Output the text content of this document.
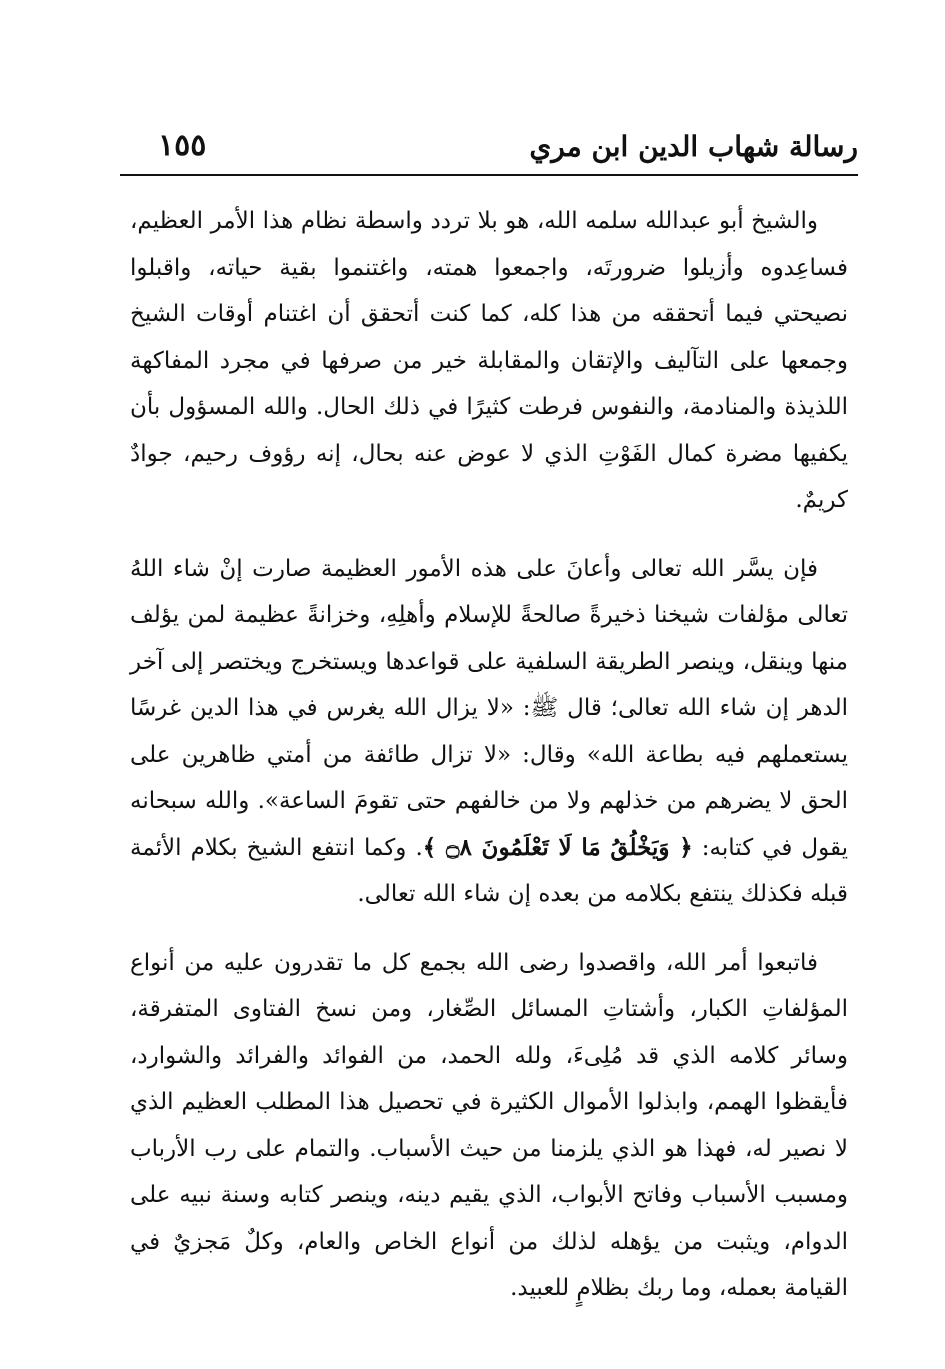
١٥٥	رسالة شهاب الدين ابن مري

والشيخ أبو عبدالله سلمه الله، هو بلا تردد واسطة نظام هذا الأمر العظيم، فساعِدوه وأزيلوا ضرورتَه، واجمعوا همته، واغتنموا بقية حياته، واقبلوا نصيحتي فيما أتحققه من هذا كله، كما كنت أتحقق أن اغتنام أوقات الشيخ وجمعها على التآليف والإتقان والمقابلة خير من صرفها في مجرد المفاكهة اللذيذة والمنادمة، والنفوس فرطت كثيرًا في ذلك الحال. والله المسؤول بأن يكفيها مضرة كمال الفَوْتِ الذي لا عوض عنه بحال، إنه رؤوف رحيم، جوادٌ كريمٌ.

فإن يسَّر الله تعالى وأعانَ على هذه الأمور العظيمة صارت إنْ شاء اللهُ تعالى مؤلفات شيخنا ذخيرةً صالحةً للإسلام وأهلِهِ، وخزانةً عظيمة لمن يؤلف منها وينقل، وينصر الطريقة السلفية على قواعدها ويستخرج ويختصر إلى آخر الدهر إن شاء الله تعالى؛ قال ﷺ: «لا يزال الله يغرس في هذا الدين غرسًا يستعملهم فيه بطاعة الله» وقال: «لا تزال طائفة من أمتي ظاهرين على الحق لا يضرهم من خذلهم ولا من خالفهم حتى تقومَ الساعة». والله سبحانه يقول في كتابه: ﴿ وَيَخْلُقُ مَا لَا تَعْلَمُونَ ۝٨ ﴾. وكما انتفع الشيخ بكلام الأئمة قبله فكذلك ينتفع بكلامه من بعده إن شاء الله تعالى.

فاتبعوا أمر الله، واقصدوا رضى الله بجمع كل ما تقدرون عليه من أنواع المؤلفاتِ الكبار، وأشتاتِ المسائل الصِّغار، ومن نسخ الفتاوى المتفرقة، وسائر كلامه الذي قد مُلِىءَ، ولله الحمد، من الفوائد والفرائد والشوارد، فأيقظوا الهمم، وابذلوا الأموال الكثيرة في تحصيل هذا المطلب العظيم الذي لا نصير له، فهذا هو الذي يلزمنا من حيث الأسباب. والتمام على رب الأرباب ومسبب الأسباب وفاتح الأبواب، الذي يقيم دينه، وينصر كتابه وسنة نبيه على الدوام، ويثبت من يؤهله لذلك من أنواع الخاص والعام، وكلٌ مَجزيٌ في القيامة بعمله، وما ربك بظلامٍ للعبيد.
